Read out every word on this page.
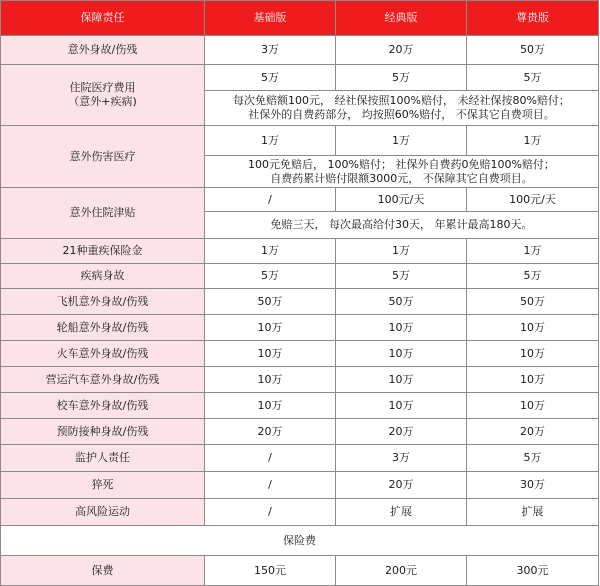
保障责任	基础版	经典版	尊贵版
意外身故/伤残	3万	20万	50万

住院医疗费用
（意外+疾病)	5万	5万	5万

	每次免赔额100元， 经社保按照100%赔付， 未经社保按80%赔付；
社保外的自费药部分， 均按照60%赔付， 不保其它自费项目。		

意外伤害医疗	1万	1万	1万

	100元免赔后， 100%赔付； 社保外自费药0免赔100%赔付；
自费药累计赔付限额3000元， 不保障其它自费项目。		

意外住院津贴	/	100元/天	100元/天
	免赔三天， 每次最高给付30天， 年累计最高180天。		
21种重疾保险金	1万	1万	1万
疾病身故	5万	5万	5万
飞机意外身故/伤残	50万	50万	50万
轮船意外身故/伤残	10万	10万	10万
火车意外身故/伤残	10万	10万	10万
营运汽车意外身故/伤残	10万	10万	10万
校车意外身故/伤残	10万	10万	10万
预防接种身故/伤残	20万	20万	20万
监护人责任	/	3万	5万
猝死	/	20万	30万
高风险运动	/	扩展	扩展
保险费			
保费	150元	200元	300元
